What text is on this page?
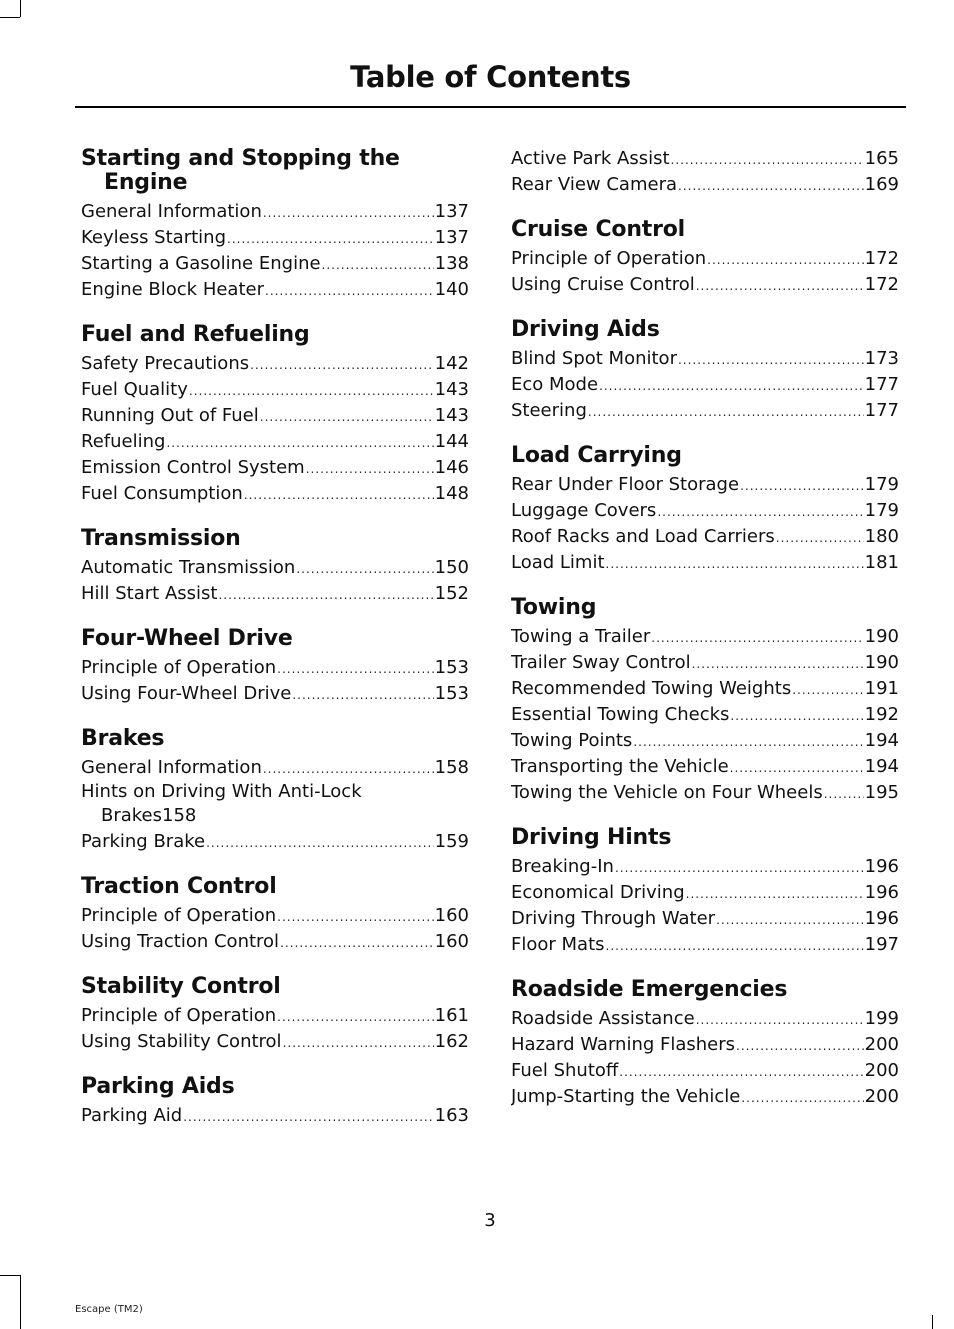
Table of Contents
Starting and Stopping the
Engine
General Information .....	137
Keyless Starting .....	137
Starting a Gasoline Engine .....	138
Engine Block Heater .....	140
Fuel and Refueling
Safety Precautions .....	142
Fuel Quality .....	143
Running Out of Fuel .....	143
Refueling .....	144
Emission Control System .....	146
Fuel Consumption .....	148
Transmission
Automatic Transmission .....	150
Hill Start Assist .....	152
Four-Wheel Drive
Principle of Operation .....	153
Using Four-Wheel Drive .....	153
Brakes
General Information .....	158
Hints on Driving With Anti-Lock
Brakes 158
Parking Brake .....	159
Traction Control
Principle of Operation .....	160
Using Traction Control .....	160
Stability Control
Principle of Operation .....	161
Using Stability Control .....	162
Parking Aids
Parking Aid .....	163
Active Park Assist .....	165
Rear View Camera .....	169
Cruise Control
Principle of Operation .....	172
Using Cruise Control .....	172
Driving Aids
Blind Spot Monitor .....	173
Eco Mode .....	177
Steering .....	177
Load Carrying
Rear Under Floor Storage .....	179
Luggage Covers .....	179
Roof Racks and Load Carriers .....	180
Load Limit .....	181
Towing
Towing a Trailer .....	190
Trailer Sway Control .....	190
Recommended Towing Weights .....	191
Essential Towing Checks .....	192
Towing Points .....	194
Transporting the Vehicle .....	194
Towing the Vehicle on Four Wheels ..... 195
Driving Hints
Breaking-In .....	196
Economical Driving .....	196
Driving Through Water .....	196
Floor Mats .....	197
Roadside Emergencies
Roadside Assistance .....	199
Hazard Warning Flashers .....	200
Fuel Shutoff .....	200
Jump-Starting the Vehicle .....	200
3
Escape (TM2)
